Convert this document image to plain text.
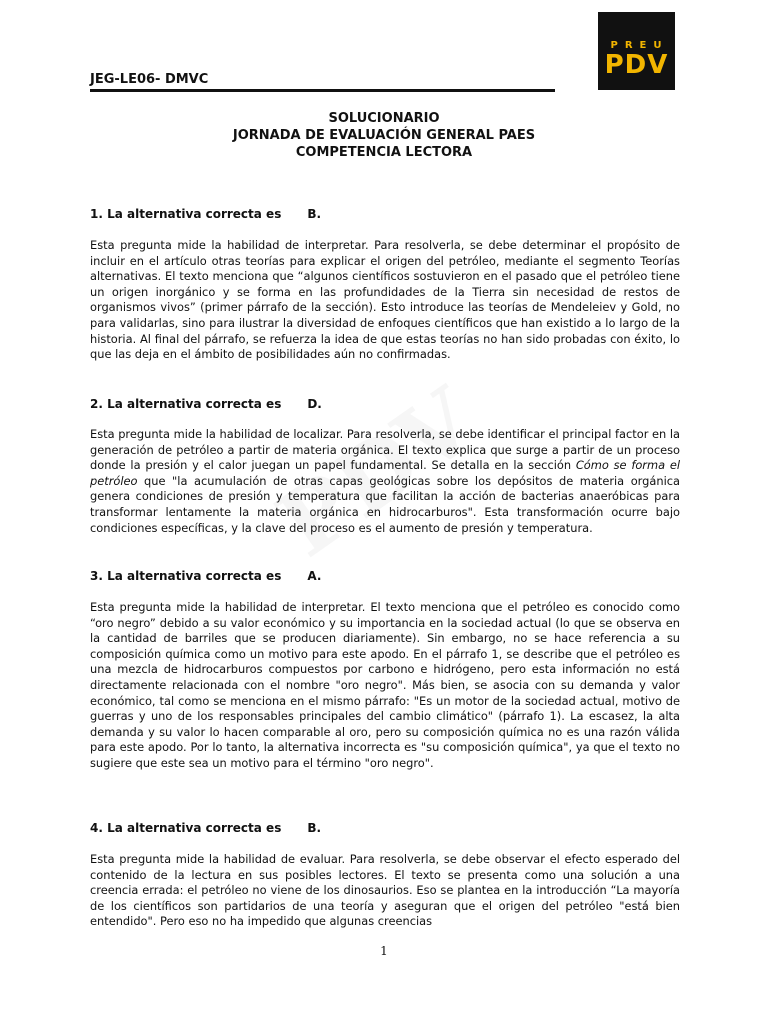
PREU
PDV
JEG-LE06- DMVC
SOLUCIONARIO
JORNADA DE EVALUACIÓN GENERAL PAES
COMPETENCIA LECTORA
1. La alternativa correcta es B.

Esta pregunta mide la habilidad de interpretar. Para resolverla, se debe determinar el propósito de incluir en el artículo otras teorías para explicar el origen del petróleo, mediante el segmento Teorías alternativas. El texto menciona que “algunos científicos sostuvieron en el pasado que el petróleo tiene un origen inorgánico y se forma en las profundidades de la Tierra sin necesidad de restos de organismos vivos” (primer párrafo de la sección). Esto introduce las teorías de Mendeleiev y Gold, no para validarlas, sino para ilustrar la diversidad de enfoques científicos que han existido a lo largo de la historia. Al final del párrafo, se refuerza la idea de que estas teorías no han sido probadas con éxito, lo que las deja en el ámbito de posibilidades aún no confirmadas.

2. La alternativa correcta es D.

Esta pregunta mide la habilidad de localizar. Para resolverla, se debe identificar el principal factor en la generación de petróleo a partir de materia orgánica. El texto explica que surge a partir de un proceso donde la presión y el calor juegan un papel fundamental. Se detalla en la sección Cómo se forma el petróleo que "la acumulación de otras capas geológicas sobre los depósitos de materia orgánica genera condiciones de presión y temperatura que facilitan la acción de bacterias anaeróbicas para transformar lentamente la materia orgánica en hidrocarburos". Esta transformación ocurre bajo condiciones específicas, y la clave del proceso es el aumento de presión y temperatura.

3. La alternativa correcta es A.

Esta pregunta mide la habilidad de interpretar. El texto menciona que el petróleo es conocido como “oro negro” debido a su valor económico y su importancia en la sociedad actual (lo que se observa en la cantidad de barriles que se producen diariamente). Sin embargo, no se hace referencia a su composición química como un motivo para este apodo. En el párrafo 1, se describe que el petróleo es una mezcla de hidrocarburos compuestos por carbono e hidrógeno, pero esta información no está directamente relacionada con el nombre "oro negro". Más bien, se asocia con su demanda y valor económico, tal como se menciona en el mismo párrafo: "Es un motor de la sociedad actual, motivo de guerras y uno de los responsables principales del cambio climático" (párrafo 1). La escasez, la alta demanda y su valor lo hacen comparable al oro, pero su composición química no es una razón válida para este apodo. Por lo tanto, la alternativa incorrecta es "su composición química", ya que el texto no sugiere que este sea un motivo para el término "oro negro".

4. La alternativa correcta es B.

Esta pregunta mide la habilidad de evaluar. Para resolverla, se debe observar el efecto esperado del contenido de la lectura en sus posibles lectores. El texto se presenta como una solución a una creencia errada: el petróleo no viene de los dinosaurios. Eso se plantea en la introducción “La mayoría de los científicos son partidarios de una teoría y aseguran que el origen del petróleo "está bien entendido". Pero eso no ha impedido que algunas creencias

1
